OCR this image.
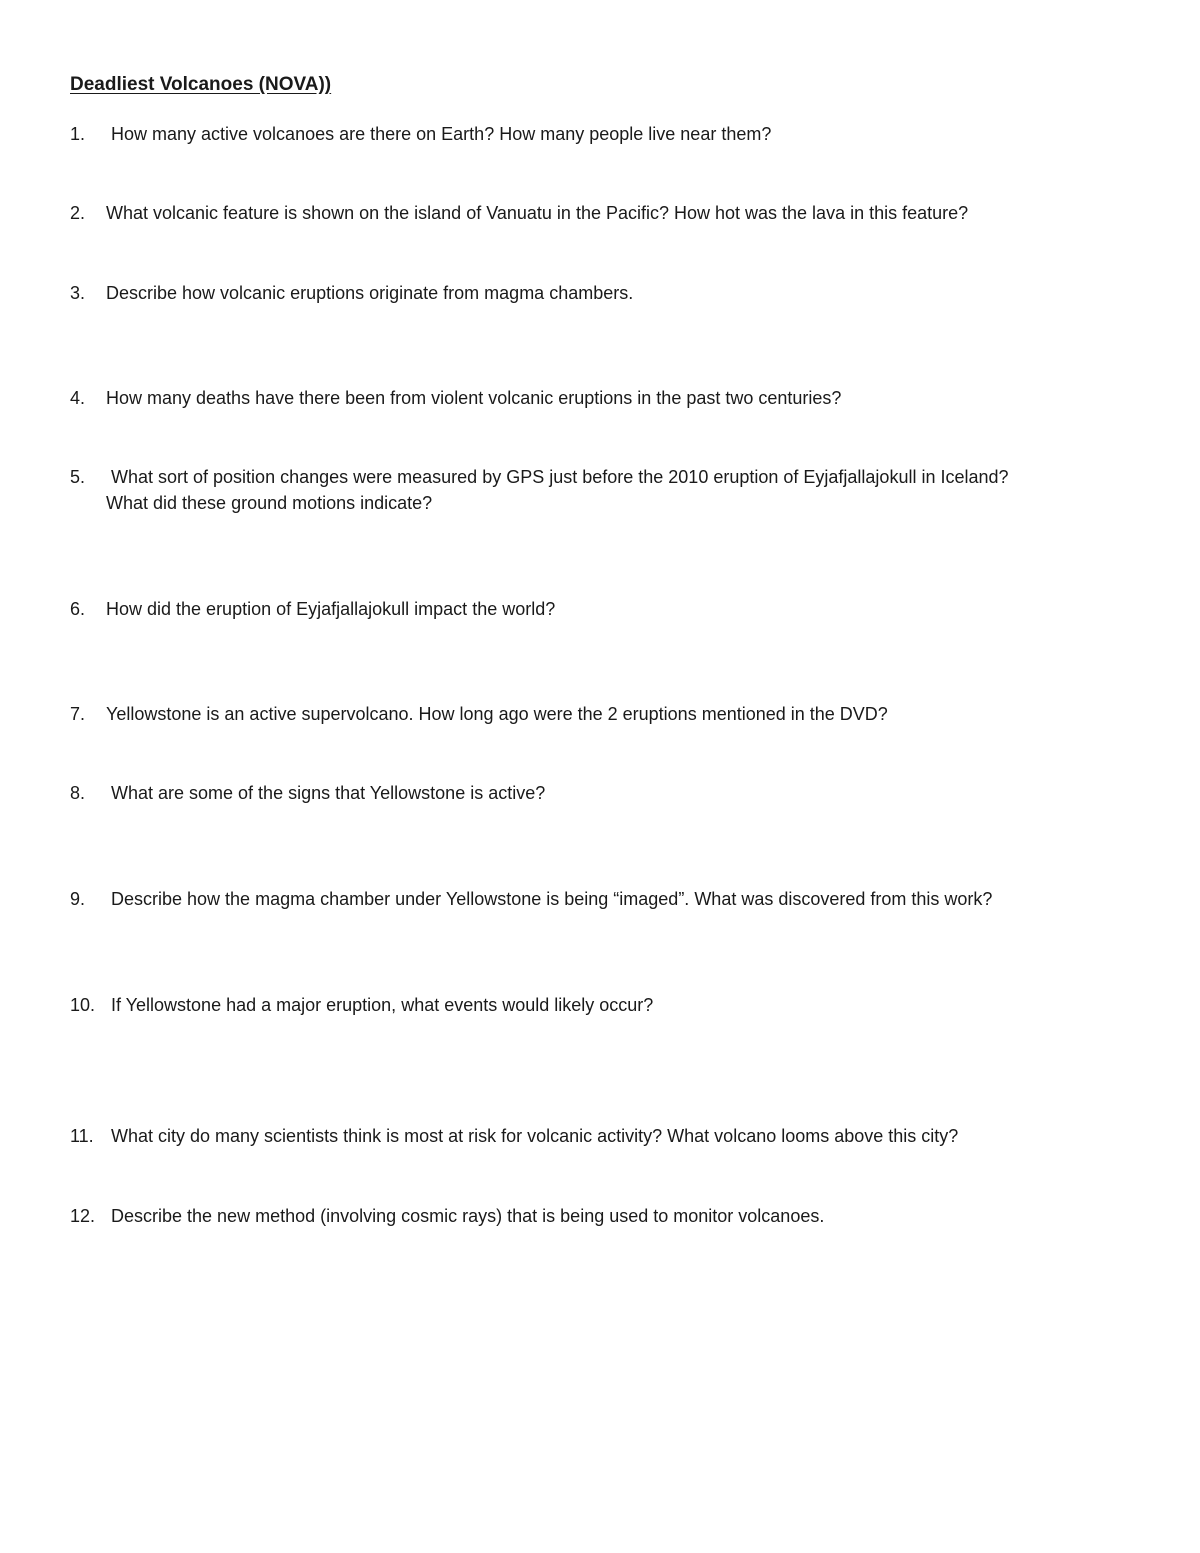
Deadliest Volcanoes (NOVA))
1. How many active volcanoes are there on Earth? How many people live near them?
2. What volcanic feature is shown on the island of Vanuatu in the Pacific? How hot was the lava in this feature?
3. Describe how volcanic eruptions originate from magma chambers.
4. How many deaths have there been from violent volcanic eruptions in the past two centuries?
5. What sort of position changes were measured by GPS just before the 2010 eruption of Eyjafjallajokull in Iceland?
What did these ground motions indicate?
6. How did the eruption of Eyjafjallajokull impact the world?
7. Yellowstone is an active supervolcano. How long ago were the 2 eruptions mentioned in the DVD?
8. What are some of the signs that Yellowstone is active?
9. Describe how the magma chamber under Yellowstone is being “imaged”. What was discovered from this work?
10. If Yellowstone had a major eruption, what events would likely occur?
11. What city do many scientists think is most at risk for volcanic activity? What volcano looms above this city?
12. Describe the new method (involving cosmic rays) that is being used to monitor volcanoes.
